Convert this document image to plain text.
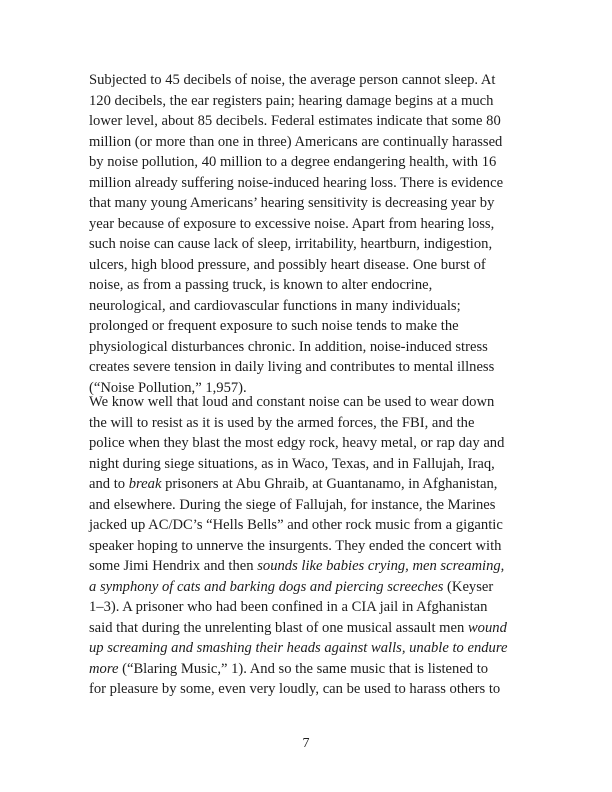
Subjected to 45 decibels of noise, the average person cannot sleep. At
120 decibels, the ear registers pain; hearing damage begins at a much
lower level, about 85 decibels. Federal estimates indicate that some 80
million (or more than one in three) Americans are continually harassed
by noise pollution, 40 million to a degree endangering health, with 16
million already suffering noise-induced hearing loss. There is evidence
that many young Americans’ hearing sensitivity is decreasing year by
year because of exposure to excessive noise. Apart from hearing loss,
such noise can cause lack of sleep, irritability, heartburn, indigestion,
ulcers, high blood pressure, and possibly heart disease. One burst of
noise, as from a passing truck, is known to alter endocrine,
neurological, and cardiovascular functions in many individuals;
prolonged or frequent exposure to such noise tends to make the
physiological disturbances chronic. In addition, noise-induced stress
creates severe tension in daily living and contributes to mental illness
(“Noise Pollution,” 1,957).
We know well that loud and constant noise can be used to wear down
the will to resist as it is used by the armed forces, the FBI, and the
police when they blast the most edgy rock, heavy metal, or rap day and
night during siege situations, as in Waco, Texas, and in Fallujah, Iraq,
and to break prisoners at Abu Ghraib, at Guantanamo, in Afghanistan,
and elsewhere. During the siege of Fallujah, for instance, the Marines
jacked up AC/DC’s “Hells Bells” and other rock music from a gigantic
speaker hoping to unnerve the insurgents. They ended the concert with
some Jimi Hendrix and then sounds like babies crying, men screaming,
a symphony of cats and barking dogs and piercing screeches (Keyser
1–3). A prisoner who had been confined in a CIA jail in Afghanistan
said that during the unrelenting blast of one musical assault men wound
up screaming and smashing their heads against walls, unable to endure
more (“Blaring Music,” 1). And so the same music that is listened to
for pleasure by some, even very loudly, can be used to harass others to
7
